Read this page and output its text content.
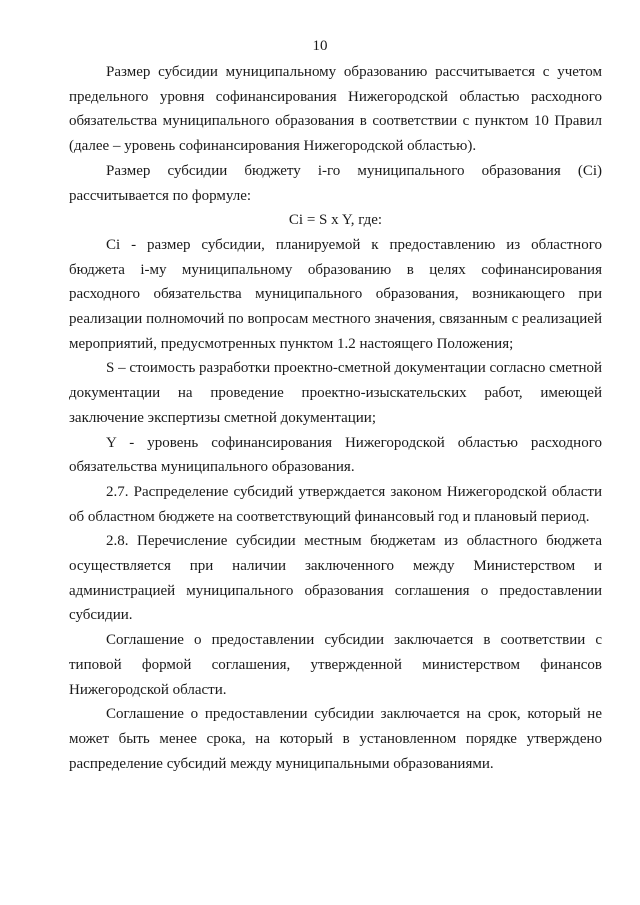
10

Размер субсидии муниципальному образованию рассчитывается с учетом предельного уровня софинансирования Нижегородской областью расходного обязательства муниципального образования в соответствии с пунктом 10 Правил (далее – уровень софинансирования Нижегородской областью).

Размер субсидии бюджету i-го муниципального образования (Ci) рассчитывается по формуле:

Ci = S x Y, где:

Ci - размер субсидии, планируемой к предоставлению из областного бюджета i-му муниципальному образованию в целях софинансирования расходного обязательства муниципального образования, возникающего при реализации полномочий по вопросам местного значения, связанным с реализацией мероприятий, предусмотренных пунктом 1.2 настоящего Положения;

S – стоимость разработки проектно-сметной документации согласно сметной документации на проведение проектно-изыскательских работ, имеющей заключение экспертизы сметной документации;

Y - уровень софинансирования Нижегородской областью расходного обязательства муниципального образования.

2.7. Распределение субсидий утверждается законом Нижегородской области об областном бюджете на соответствующий финансовый год и плановый период.

2.8. Перечисление субсидии местным бюджетам из областного бюджета осуществляется при наличии заключенного между Министерством и администрацией муниципального образования соглашения о предоставлении субсидии.

Соглашение о предоставлении субсидии заключается в соответствии с типовой формой соглашения, утвержденной министерством финансов Нижегородской области.

Соглашение о предоставлении субсидии заключается на срок, который не может быть менее срока, на который в установленном порядке утверждено распределение субсидий между муниципальными образованиями.
